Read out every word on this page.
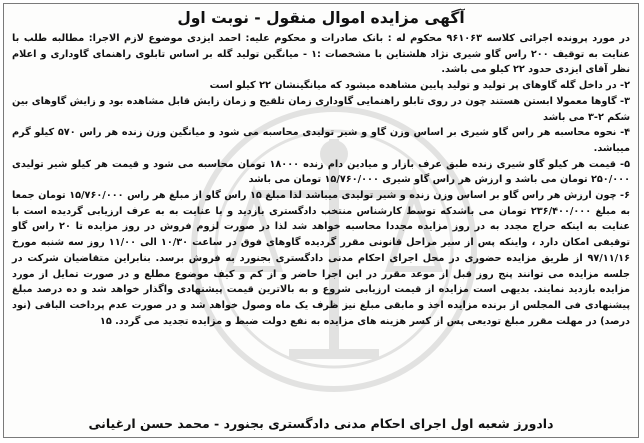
آگهی مزایده اموال منقول - نوبت اول

در مورد پرونده اجرائی کلاسه ۹۶۱۰۶۳ محکوم له : بانک صادرات و محکوم علیه: احمد ایزدی موضوع لازم الاجرا: مطالبه طلب با عنایت به توقیف ۲۰۰ راس گاو شیری نژاد هلشتاین با مشخصات :۱ - میانگین تولید گله بر اساس تابلوی راهنمای گاوداری و اعلام نظر آقای ایزدی حدود ۲۲ کیلو می باشد.

۲- در داخل گله گاوهای پر تولید و تولید پایین مشاهده میشود که میانگینشان ۲۲ کیلو است

۳- گاوها معمولا ابستن هستند چون در روی تابلو راهنمایی گاوداری زمان تلقیح و زمان زایش قابل مشاهده بود و زایش گاوهای بین شکم ۲-۳ می باشد

۴- نحوه محاسبه هر راس گاو شیری بر اساس وزن گاو و شیر تولیدی محاسبه می شود و میانگین وزن زنده هر راس ۵۷۰ کیلو گرم میباشد.

۵- قیمت هر کیلو گاو شیری زنده طبق عرف بازار و میادین دام زنده ۱۸۰۰۰ تومان محاسبه می شود و قیمت هر کیلو شیر تولیدی ۲۵۰/۰۰۰ تومان می باشد و ارزش هر راس گاو شیری ۱۵/۷۶۰/۰۰۰ تومان می باشد

۶- چون ارزش هر راس گاو بر اساس وزن زنده و شیر تولیدی میباشد لذا مبلغ ۱۵ راس گاو از مبلغ هر راس ۱۵/۷۶۰/۰۰۰ تومان جمعا به مبلغ ۲۳۶/۴۰۰/۰۰۰ تومان می باشدکه توسط کارشناس منتخب دادگستری بازدید و با عنایت به به عرف ارزیابی گردیده است با عنایت به اینکه حراج مجدد به در روز مزایده مجددا محاسبه خواهد شد لذا در صورت لزوم فروش در روز مزایده تا ۲۰ راس گاو توقیفی امکان دارد ، واینکه پس از سیر مراحل قانونی مقرر گردیده گاوهای فوق در ساعت ۱۰/۳۰ الی ۱۱/۰۰ روز سه شنبه مورخ ۹۷/۱۱/۱۶ از طریق مزایده حضوری در محل اجرای احکام مدنی دادگستری بجنورد به فروش برسد. بنابراین متقاضیان شرکت در جلسه مزایده می توانند پنج روز قبل از موعد مقرر در این اجرا حاضر و از کم و کیف موضوع مطلع و در صورت تمایل از مورد مزایده بازدید نمایند. بدیهی است مزایده از قیمت ارزیابی شروع و به بالاترین قیمت پیشنهادی واگذار خواهد شد و ده درصد مبلغ پیشنهادی فی المجلس از برنده مزایده اخذ و مابقی مبلغ نیز ظرف یک ماه وصول خواهد شد و در صورت عدم پرداخت الباقی (نود درصد) در مهلت مقرر مبلغ تودیعی پس از کسر هزینه های مزایده به نفع دولت ضبط و مزایده تجدید می گردد. ۱۵

دادورز شعبه اول اجرای احکام مدنی دادگستری بجنورد - محمد حسن ارغیانی
